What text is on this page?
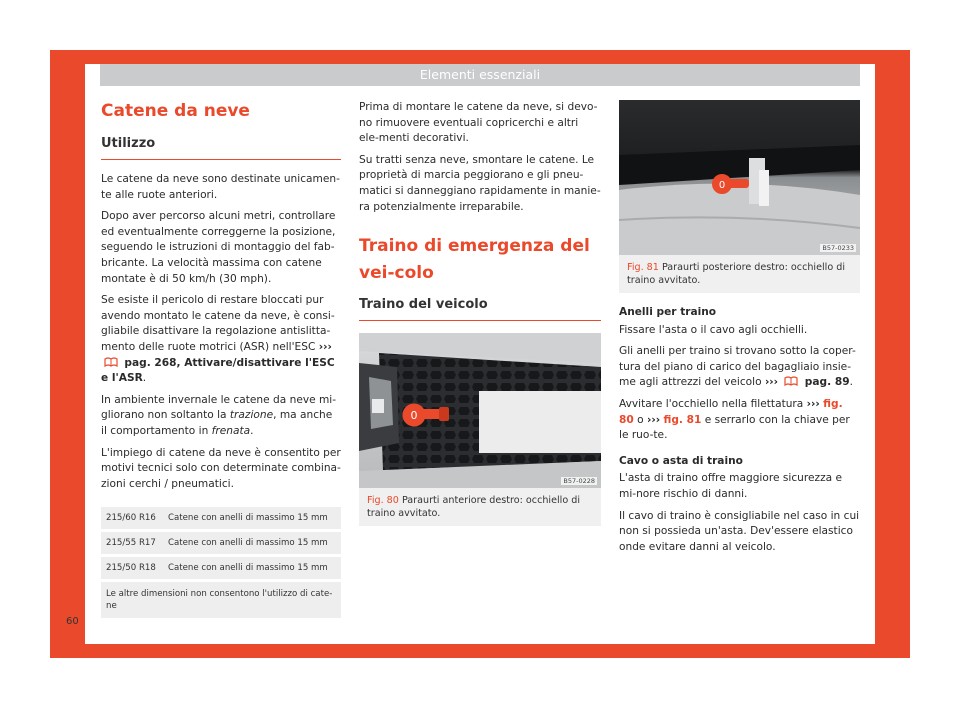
Elementi essenziali
Catene da neve
Utilizzo

Le catene da neve sono destinate unicamen-te alle ruote anteriori.

Dopo aver percorso alcuni metri, controllare ed eventualmente correggerne la posizione, seguendo le istruzioni di montaggio del fab-bricante. La velocità massima con catene montate è di 50 km/h (30 mph).

Se esiste il pericolo di restare bloccati pur avendo montato le catene da neve, è consi-gliabile disattivare la regolazione antislitta-mento delle ruote motrici (ASR) nell'ESC ›››  pag. 268, Attivare/disattivare l'ESC e l'ASR.

In ambiente invernale le catene da neve mi-gliorano non soltanto la trazione, ma anche il comportamento in frenata.

L'impiego di catene da neve è consentito per motivi tecnici solo con determinate combina-zioni cerchi / pneumatici.

215/60 R16	Catene con anelli di massimo 15 mm
215/55 R17	Catene con anelli di massimo 15 mm
215/50 R18	Catene con anelli di massimo 15 mm
Le altre dimensioni non consentono l'utilizzo di cate-ne

Prima di montare le catene da neve, si devo-no rimuovere eventuali copricerchi e altri ele-menti decorativi.

Su tratti senza neve, smontare le catene. Le proprietà di marcia peggiorano e gli pneu-matici si danneggiano rapidamente in manie-ra potenzialmente irreparabile.

Traino di emergenza del vei-colo
Traino del veicolo
0
B57-0228
Fig. 80 Paraurti anteriore destro: occhiello di traino avvitato.
0
B57-0233
Fig. 81 Paraurti posteriore destro: occhiello di traino avvitato.

Anelli per traino

Fissare l'asta o il cavo agli occhielli.

Gli anelli per traino si trovano sotto la coper-tura del piano di carico del bagagliaio insie-me agli attrezzi del veicolo ›››	pag. 89.

Avvitare l'occhiello nella filettatura ››› fig. 80 o ››› fig. 81 e serrarlo con la chiave per le ruo-te.

Cavo o asta di traino

L'asta di traino offre maggiore sicurezza e mi-nore rischio di danni.

Il cavo di traino è consigliabile nel caso in cui non si possieda un'asta. Dev'essere elastico onde evitare danni al veicolo.

60
